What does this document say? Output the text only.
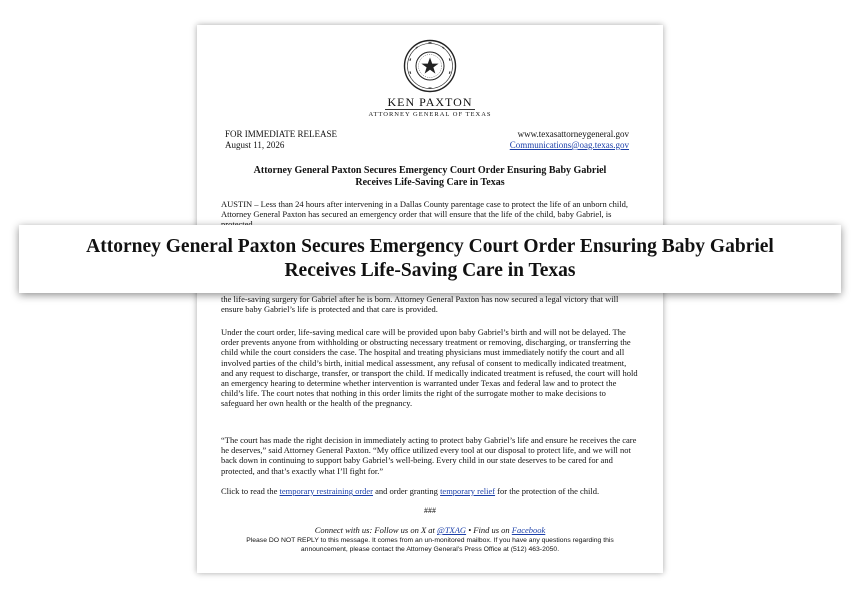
KEN PAXTON
ATTORNEY GENERAL OF TEXAS
FOR IMMEDIATE RELEASE
August 11, 2026
www.texasattorneygeneral.gov
Communications@oag.texas.gov
Attorney General Paxton Secures Emergency Court Order Ensuring Baby Gabriel
Receives Life-Saving Care in Texas

AUSTIN – Less than 24 hours after intervening in a Dallas County parentage case to protect the life of an unborn child, Attorney General Paxton has secured an emergency order that will ensure that the life of the child, baby Gabriel, is

the life-saving surgery for Gabriel after he is born. Attorney General Paxton has now secured a legal victory that will ensure baby Gabriel’s life is protected and that care is provided.

Under the court order, life-saving medical care will be provided upon baby Gabriel’s birth and will not be delayed. The order prevents anyone from withholding or obstructing necessary treatment or removing, discharging, or transferring the child while the court considers the case. The hospital and treating physicians must immediately notify the court and all involved parties of the child’s birth, initial medical assessment, any refusal of consent to medically indicated treatment, and any request to discharge, transfer, or transport the child. If medically indicated treatment is refused, the court will hold an emergency hearing to determine whether intervention is warranted under Texas and federal law and to protect the child’s life. The court notes that nothing in this order limits the right of the surrogate mother to make decisions to safeguard her own health or the health of the pregnancy.

“The court has made the right decision in immediately acting to protect baby Gabriel’s life and ensure he receives the care he deserves,” said Attorney General Paxton. “My office utilized every tool at our disposal to protect life, and we will not back down in continuing to support baby Gabriel’s well-being. Every child in our state deserves to be cared for and protected, and that’s exactly what I’ll fight for.”

Click to read the temporary restraining order and order granting temporary relief for the protection of the child.

###
Connect with us: Follow us on X at @TXAG • Find us on Facebook
Please DO NOT REPLY to this message. It comes from an un-monitored mailbox. If you have any questions regarding this
announcement, please contact the Attorney General’s Press Office at (512) 463-2050.
Attorney General Paxton Secures Emergency Court Order Ensuring Baby Gabriel
Receives Life-Saving Care in Texas
